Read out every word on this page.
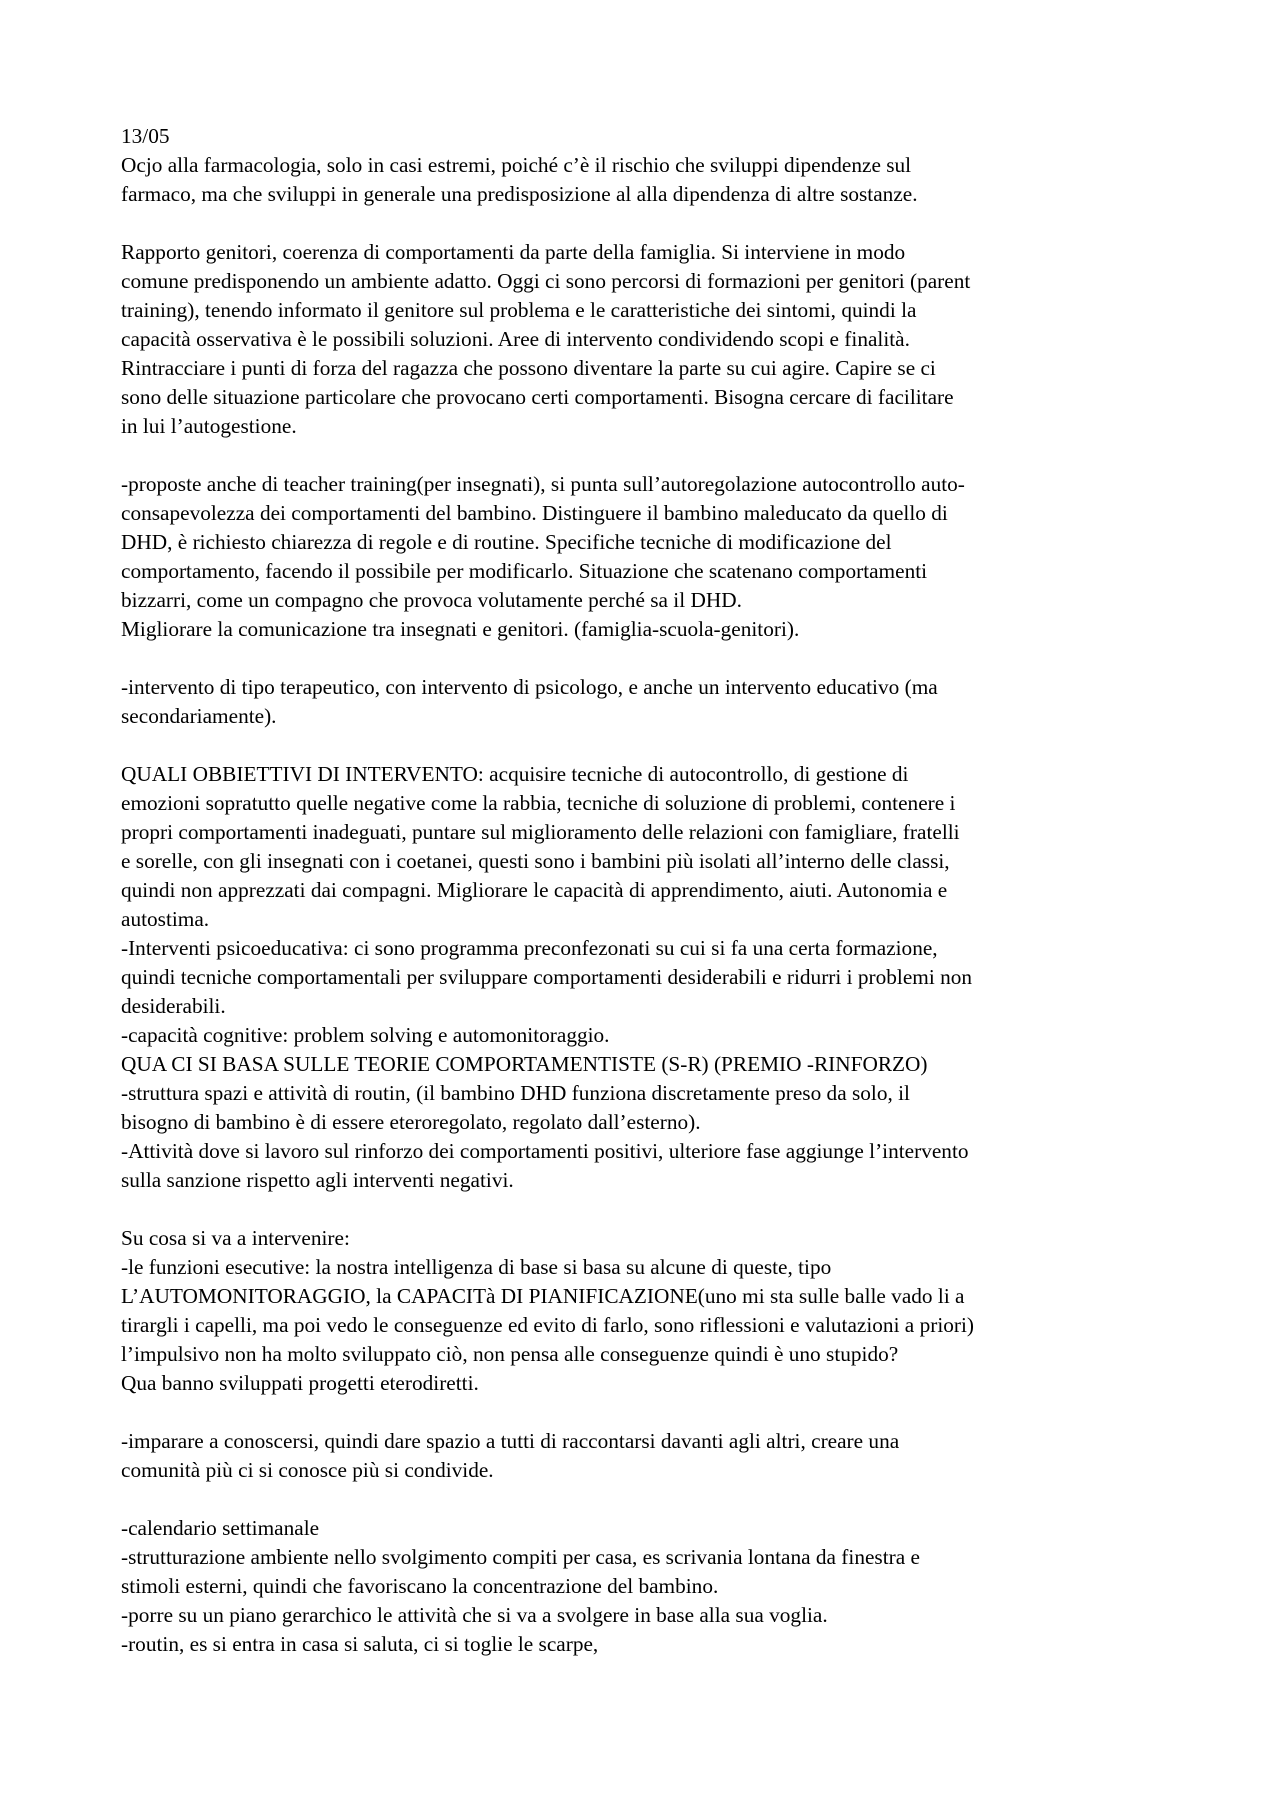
13/05
Ocjo alla farmacologia, solo in casi estremi, poiché c’è il rischio che sviluppi dipendenze sul
farmaco, ma che sviluppi in generale una predisposizione al alla dipendenza di altre sostanze.
Rapporto genitori, coerenza di comportamenti da parte della famiglia. Si interviene in modo
comune predisponendo un ambiente adatto. Oggi ci sono percorsi di formazioni per genitori (parent
training), tenendo informato il genitore sul problema e le caratteristiche dei sintomi, quindi la
capacità osservativa è le possibili soluzioni. Aree di intervento condividendo scopi e finalità.
Rintracciare i punti di forza del ragazza che possono diventare la parte su cui agire. Capire se ci
sono delle situazione particolare che provocano certi comportamenti. Bisogna cercare di facilitare
in lui l’autogestione.
-proposte anche di teacher training(per insegnati), si punta sull’autoregolazione autocontrollo auto-
consapevolezza dei comportamenti del bambino. Distinguere il bambino maleducato da quello di
DHD, è richiesto chiarezza di regole e di routine. Specifiche tecniche di modificazione del
comportamento, facendo il possibile per modificarlo. Situazione che scatenano comportamenti
bizzarri, come un compagno che provoca volutamente perché sa il DHD.
Migliorare la comunicazione tra insegnati e genitori. (famiglia-scuola-genitori).
-intervento di tipo terapeutico, con intervento di psicologo, e anche un intervento educativo (ma
secondariamente).
QUALI OBBIETTIVI DI INTERVENTO: acquisire tecniche di autocontrollo, di gestione di
emozioni sopratutto quelle negative come la rabbia, tecniche di soluzione di problemi, contenere i
propri comportamenti inadeguati, puntare sul miglioramento delle relazioni con famigliare, fratelli
e sorelle, con gli insegnati con i coetanei, questi sono i bambini più isolati all’interno delle classi,
quindi non apprezzati dai compagni. Migliorare le capacità di apprendimento, aiuti. Autonomia e
autostima.
-Interventi psicoeducativa: ci sono programma preconfezonati su cui si fa una certa formazione,
quindi tecniche comportamentali per sviluppare comportamenti desiderabili e ridurri i problemi non
desiderabili.
-capacità cognitive: problem solving e automonitoraggio.
QUA CI SI BASA SULLE TEORIE COMPORTAMENTISTE (S-R) (PREMIO -RINFORZO)
-struttura spazi e attività di routin, (il bambino DHD funziona discretamente preso da solo, il
bisogno di bambino è di essere eteroregolato, regolato dall’esterno).
-Attività dove si lavoro sul rinforzo dei comportamenti positivi, ulteriore fase aggiunge l’intervento
sulla sanzione rispetto agli interventi negativi.
Su cosa si va a intervenire:
-le funzioni esecutive: la nostra intelligenza di base si basa su alcune di queste, tipo
L’AUTOMONITORAGGIO, la CAPACITà DI PIANIFICAZIONE(uno mi sta sulle balle vado li a
tirargli i capelli, ma poi vedo le conseguenze ed evito di farlo, sono riflessioni e valutazioni a priori)
l’impulsivo non ha molto sviluppato ciò, non pensa alle conseguenze quindi è uno stupido?
Qua banno sviluppati progetti eterodiretti.
-imparare a conoscersi, quindi dare spazio a tutti di raccontarsi davanti agli altri, creare una
comunità più ci si conosce più si condivide.
-calendario settimanale
-strutturazione ambiente nello svolgimento compiti per casa, es scrivania lontana da finestra e
stimoli esterni, quindi che favoriscano la concentrazione del bambino.
-porre su un piano gerarchico le attività che si va a svolgere in base alla sua voglia.
-routin, es si entra in casa si saluta, ci si toglie le scarpe,
